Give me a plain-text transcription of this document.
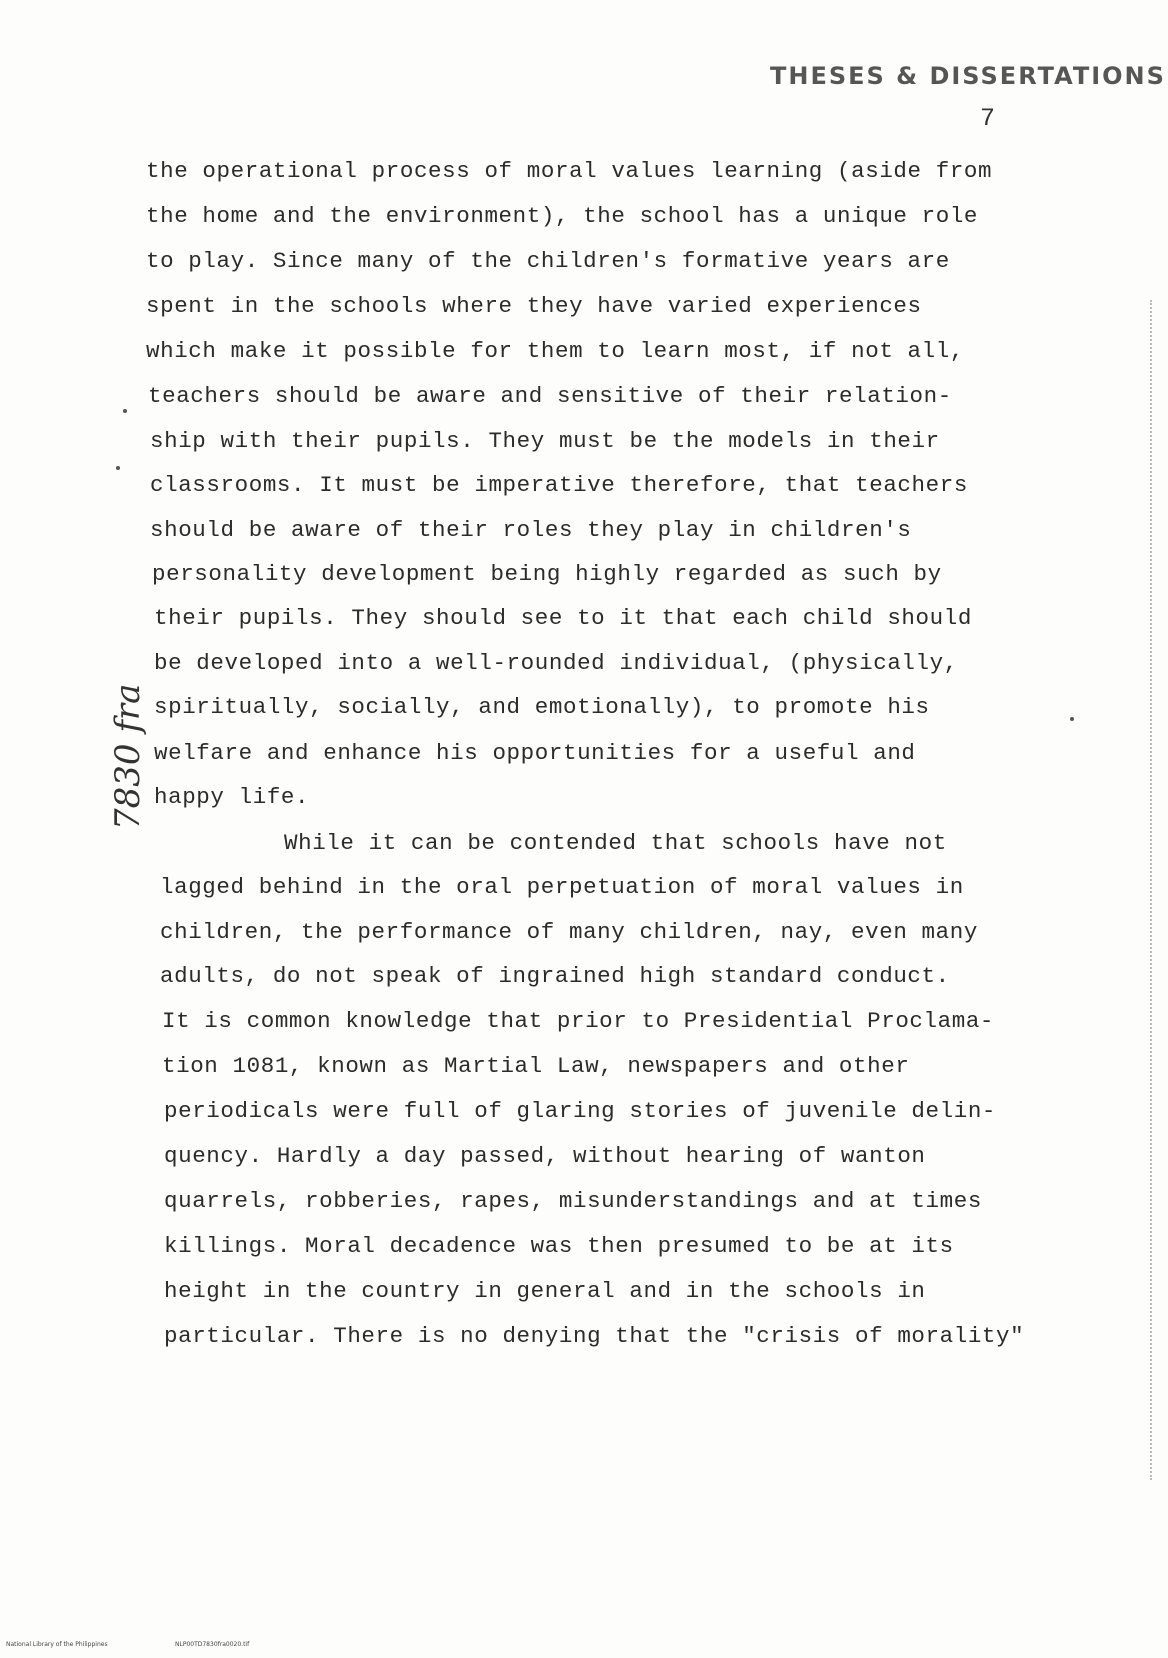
THESES & DISSERTATIONS
7
the operational process of moral values learning (aside from
the home and the environment), the school has a unique role
to play. Since many of the children's formative years are
spent in the schools where they have varied experiences
which make it possible for them to learn most, if not all,
teachers should be aware and sensitive of their relation-
ship with their pupils. They must be the models in their
classrooms. It must be imperative therefore, that teachers
should be aware of their roles they play in children's
personality development being highly regarded as such by
their pupils. They should see to it that each child should
be developed into a well-rounded individual, (physically,
spiritually, socially, and emotionally), to promote his
welfare and enhance his opportunities for a useful and
happy life.
While it can be contended that schools have not
lagged behind in the oral perpetuation of moral values in
children, the performance of many children, nay, even many
adults, do not speak of ingrained high standard conduct.
It is common knowledge that prior to Presidential Proclama-
tion 1081, known as Martial Law, newspapers and other
periodicals were full of glaring stories of juvenile delin-
quency. Hardly a day passed, without hearing of wanton
quarrels, robberies, rapes, misunderstandings and at times
killings. Moral decadence was then presumed to be at its
height in the country in general and in the schools in
particular. There is no denying that the "crisis of morality"
7830 fra
National Library of the Philippines	NLP00TD7830fra0020.tif
